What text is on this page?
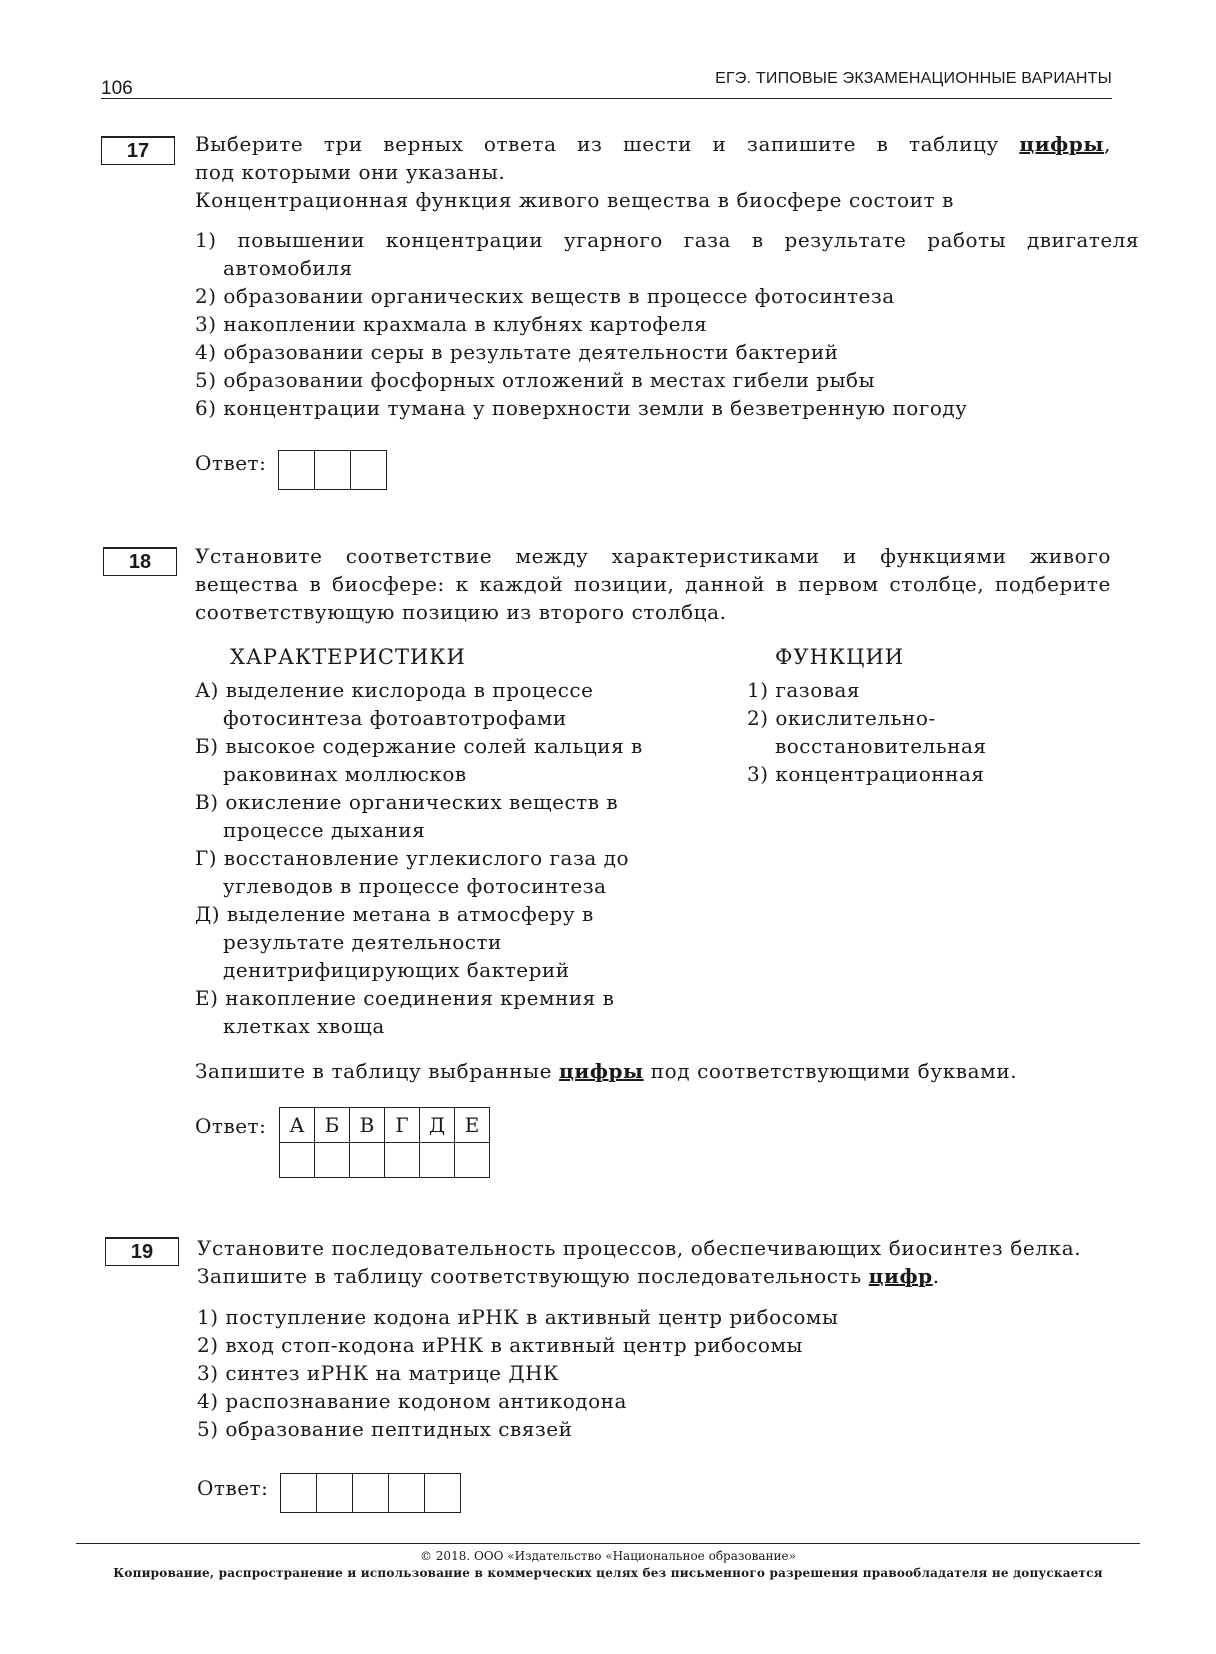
106	ЕГЭ. ТИПОВЫЕ ЭКЗАМЕНАЦИОННЫЕ ВАРИАНТЫ
17	Выберите три верных ответа из шести и запишите в таблицу цифры,
под которыми они указаны.
Концентрационная функция живого вещества в биосфере состоит в
1) повышении концентрации угарного газа в результате работы двигателя автомобиля
2) образовании органических веществ в процессе фотосинтеза
3) накоплении крахмала в клубнях картофеля
4) образовании серы в результате деятельности бактерий
5) образовании фосфорных отложений в местах гибели рыбы
6) концентрации тумана у поверхности земли в безветренную погоду
Ответ:

18	Установите соответствие между характеристиками и функциями живого вещества в биосфере: к каждой позиции, данной в первом столбце, подберите соответствующую позицию из второго столбца.
ХАРАКТЕРИСТИКИ	ФУНКЦИИ
А) выделение кислорода в процессе фотосинтеза фотоавтотрофами
Б) высокое содержание солей кальция в раковинах моллюсков
В) окисление органических веществ в процессе дыхания
Г) восстановление углекислого газа до углеводов в процессе фотосинтеза
Д) выделение метана в атмосферу в результате деятельности денитрифицирующих бактерий
Е) накопление соединения кремния в клетках хвоща
1) газовая
2) окислительно-восстановительная
3) концентрационная
Запишите в таблицу выбранные цифры под соответствующими буквами.
Ответ: А	Б	В	Г	Д	Е

19	Установите последовательность процессов, обеспечивающих биосинтез белка.
Запишите в таблицу соответствующую последовательность цифр.
1) поступление кодона иРНК в активный центр рибосомы
2) вход стоп-кодона иРНК в активный центр рибосомы
3) синтез иРНК на матрице ДНК
4) распознавание кодоном антикодона
5) образование пептидных связей
Ответ:

© 2018. ООО «Издательство «Национальное образование»
Копирование, распространение и использование в коммерческих целях без письменного разрешения правообладателя не допускается
